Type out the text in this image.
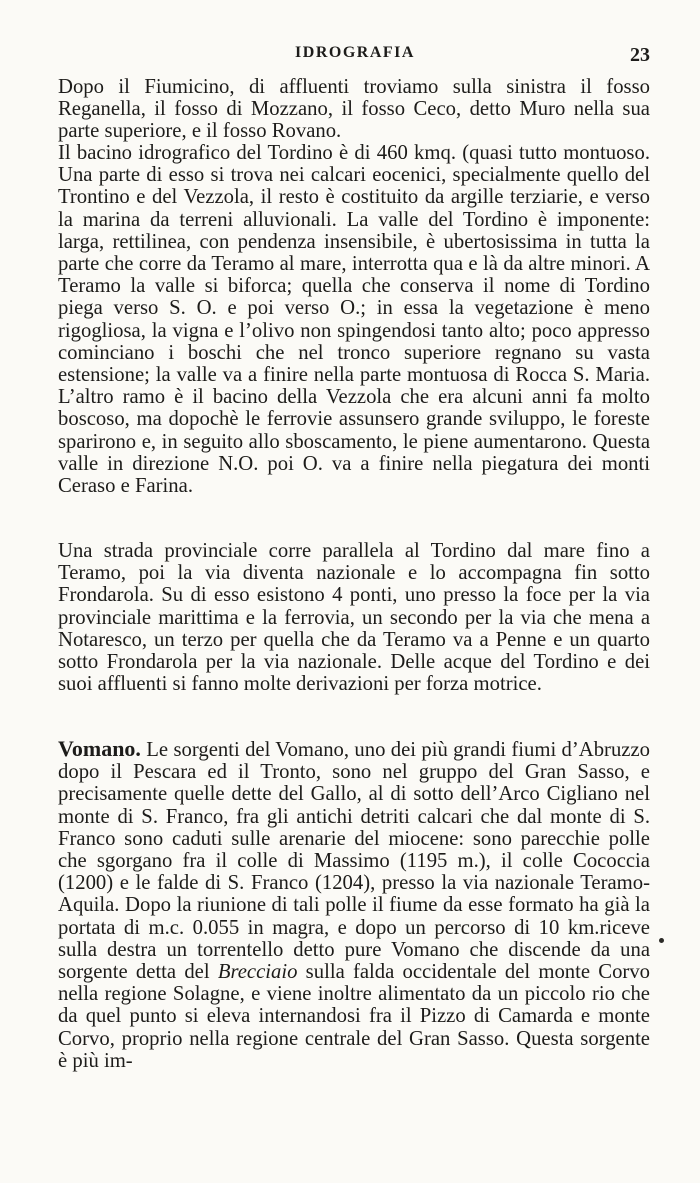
IDROGRAFIA	23

Dopo il Fiumicino, di affluenti troviamo sulla sinistra il fosso Reganella, il fosso di Mozzano, il fosso Ceco, detto Muro nella sua parte superiore, e il fosso Rovano.

Il bacino idrografico del Tordino è di 460 kmq. (quasi tutto montuoso. Una parte di esso si trova nei calcari eocenici, specialmente quello del Trontino e del Vezzola, il resto è costituito da argille terziarie, e verso la marina da terreni alluvionali. La valle del Tordino è imponente: larga, rettilinea, con pendenza insensibile, è ubertosissima in tutta la parte che corre da Teramo al mare, interrotta qua e là da altre minori. A Teramo la valle si biforca; quella che conserva il nome di Tordino piega verso S. O. e poi verso O.; in essa la vegetazione è meno rigogliosa, la vigna e l’olivo non spingendosi tanto alto; poco appresso cominciano i boschi che nel tronco superiore regnano su vasta estensione; la valle va a finire nella parte montuosa di Rocca S. Maria. L’altro ramo è il bacino della Vezzola che era alcuni anni fa molto boscoso, ma dopochè le ferrovie assunsero grande sviluppo, le foreste sparirono e, in seguito allo sboscamento, le piene aumentarono. Questa valle in direzione N.O. poi O. va a finire nella piegatura dei monti Ceraso e Farina.

Una strada provinciale corre parallela al Tordino dal mare fino a Teramo, poi la via diventa nazionale e lo accompagna fin sotto Frondarola. Su di esso esistono 4 ponti, uno presso la foce per la via provinciale marittima e la ferrovia, un secondo per la via che mena a Notaresco, un terzo per quella che da Teramo va a Penne e un quarto sotto Frondarola per la via nazionale. Delle acque del Tordino e dei suoi affluenti si fanno molte derivazioni per forza motrice.

Vomano. Le sorgenti del Vomano, uno dei più grandi fiumi d’Abruzzo dopo il Pescara ed il Tronto, sono nel gruppo del Gran Sasso, e precisamente quelle dette del Gallo, al di sotto dell’Arco Cigliano nel monte di S. Franco, fra gli antichi detriti calcari che dal monte di S. Franco sono caduti sulle arenarie del miocene: sono parecchie polle che sgorgano fra il colle di Massimo (1195 m.), il colle Cococcia (1200) e le falde di S. Franco (1204), presso la via nazionale Teramo-Aquila. Dopo la riunione di tali polle il fiume da esse formato ha già la portata di m.c. 0.055 in magra, e dopo un percorso di 10 km.riceve sulla destra un torrentello detto pure Vomano che discende da una sorgente detta del Brecciaio sulla falda occidentale del monte Corvo nella regione Solagne, e viene inoltre alimentato da un piccolo rio che da quel punto si eleva internandosi fra il Pizzo di Camarda e monte Corvo, proprio nella regione centrale del Gran Sasso. Questa sorgente è più im-
